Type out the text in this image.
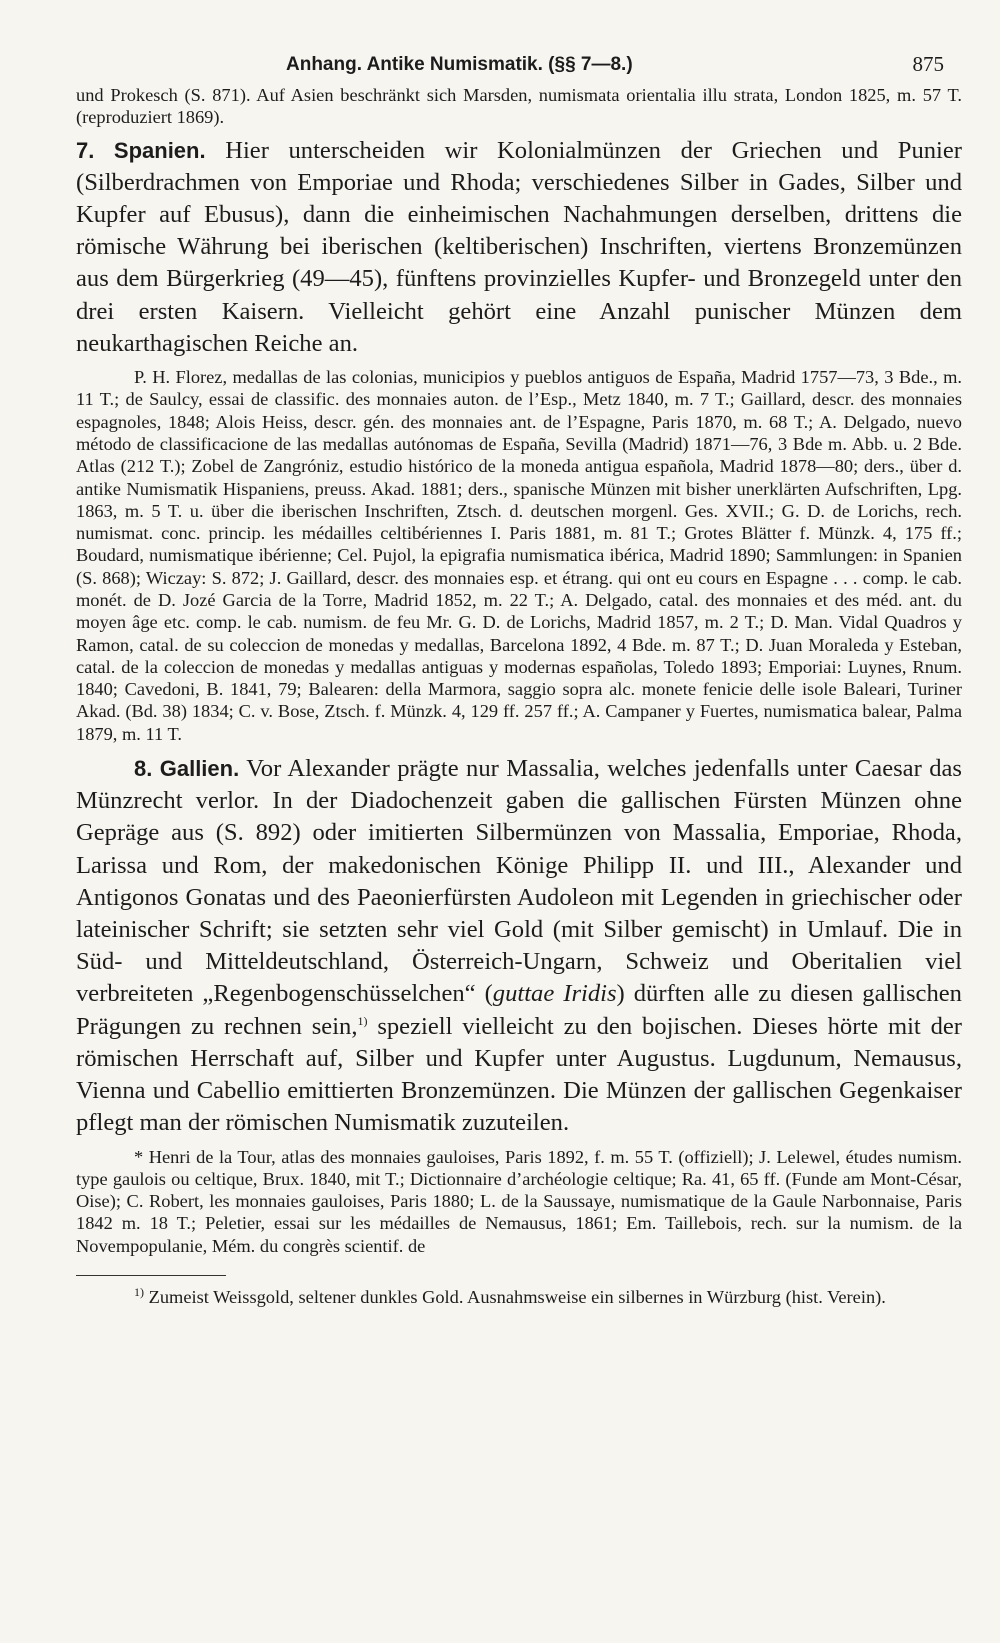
Anhang. Antike Numismatik. (§§ 7—8.)	875

und Prokesch (S. 871). Auf Asien beschränkt sich Marsden, numismata orientalia illu strata, London 1825, m. 57 T. (reproduziert 1869).

7. Spanien. Hier unterscheiden wir Kolonialmünzen der Griechen und Punier (Silberdrachmen von Emporiae und Rhoda; verschiedenes Silber in Gades, Silber und Kupfer auf Ebusus), dann die einheimischen Nachahmungen derselben, drittens die römische Währung bei iberischen (keltiberischen) Inschriften, viertens Bronzemünzen aus dem Bürgerkrieg (49—45), fünftens provinzielles Kupfer- und Bronzegeld unter den drei ersten Kaisern. Vielleicht gehört eine Anzahl punischer Münzen dem neukarthagischen Reiche an.

P. H. Florez, medallas de las colonias, municipios y pueblos antiguos de España, Madrid 1757—73, 3 Bde., m. 11 T.; de Saulcy, essai de classific. des monnaies auton. de l’Esp., Metz 1840, m. 7 T.; Gaillard, descr. des monnaies espagnoles, 1848; Alois Heiss, descr. gén. des monnaies ant. de l’Espagne, Paris 1870, m. 68 T.; A. Delgado, nuevo método de classificacione de las medallas autónomas de España, Sevilla (Madrid) 1871—76, 3 Bde m. Abb. u. 2 Bde. Atlas (212 T.); Zobel de Zangróniz, estudio histórico de la moneda antigua española, Madrid 1878—80; ders., über d. antike Numismatik Hispaniens, preuss. Akad. 1881; ders., spanische Münzen mit bisher unerklärten Aufschriften, Lpg. 1863, m. 5 T. u. über die iberischen Inschriften, Ztsch. d. deutschen morgenl. Ges. XVII.; G. D. de Lorichs, rech. numismat. conc. princip. les médailles celtibériennes I. Paris 1881, m. 81 T.; Grotes Blätter f. Münzk. 4, 175 ff.; Boudard, numismatique ibérienne; Cel. Pujol, la epigrafia numismatica ibérica, Madrid 1890; Sammlungen: in Spanien (S. 868); Wiczay: S. 872; J. Gaillard, descr. des monnaies esp. et étrang. qui ont eu cours en Espagne . . . comp. le cab. monét. de D. Jozé Garcia de la Torre, Madrid 1852, m. 22 T.; A. Delgado, catal. des monnaies et des méd. ant. du moyen âge etc. comp. le cab. numism. de feu Mr. G. D. de Lorichs, Madrid 1857, m. 2 T.; D. Man. Vidal Quadros y Ramon, catal. de su coleccion de monedas y medallas, Barcelona 1892, 4 Bde. m. 87 T.; D. Juan Moraleda y Esteban, catal. de la coleccion de monedas y medallas antiguas y modernas españolas, Toledo 1893; Emporiai: Luynes, Rnum. 1840; Cavedoni, B. 1841, 79; Balearen: della Marmora, saggio sopra alc. monete fenicie delle isole Baleari, Turiner Akad. (Bd. 38) 1834; C. v. Bose, Ztsch. f. Münzk. 4, 129 ff. 257 ff.; A. Campaner y Fuertes, numismatica balear, Palma 1879, m. 11 T.

8. Gallien. Vor Alexander prägte nur Massalia, welches jedenfalls unter Caesar das Münzrecht verlor. In der Diadochenzeit gaben die gallischen Fürsten Münzen ohne Gepräge aus (S. 892) oder imitierten Silbermünzen von Massalia, Emporiae, Rhoda, Larissa und Rom, der makedonischen Könige Philipp II. und III., Alexander und Antigonos Gonatas und des Paeonierfürsten Audoleon mit Legenden in griechischer oder lateinischer Schrift; sie setzten sehr viel Gold (mit Silber gemischt) in Umlauf. Die in Süd- und Mitteldeutschland, Österreich-Ungarn, Schweiz und Oberitalien viel verbreiteten „Regenbogenschüsselchen“ (guttae Iridis) dürften alle zu diesen gallischen Prägungen zu rechnen sein,$^{1)}$ speziell vielleicht zu den bojischen. Dieses hörte mit der römischen Herrschaft auf, Silber und Kupfer unter Augustus. Lugdunum, Nemausus, Vienna und Cabellio emittierten Bronzemünzen. Die Münzen der gallischen Gegenkaiser pflegt man der römischen Numismatik zuzuteilen.

* Henri de la Tour, atlas des monnaies gauloises, Paris 1892, f. m. 55 T. (offiziell); J. Lelewel, études numism. type gaulois ou celtique, Brux. 1840, mit T.; Dictionnaire d’archéologie celtique; Ra. 41, 65 ff. (Funde am Mont-César, Oise); C. Robert, les monnaies gauloises, Paris 1880; L. de la Saussaye, numismatique de la Gaule Narbonnaise, Paris 1842 m. 18 T.; Peletier, essai sur les médailles de Nemausus, 1861; Em. Taillebois, rech. sur la numism. de la Novempopulanie, Mém. du congrès scientif. de

$^{1)}$ Zumeist Weissgold, seltener dunkles Gold. Ausnahmsweise ein silbernes in Würzburg (hist. Verein).
